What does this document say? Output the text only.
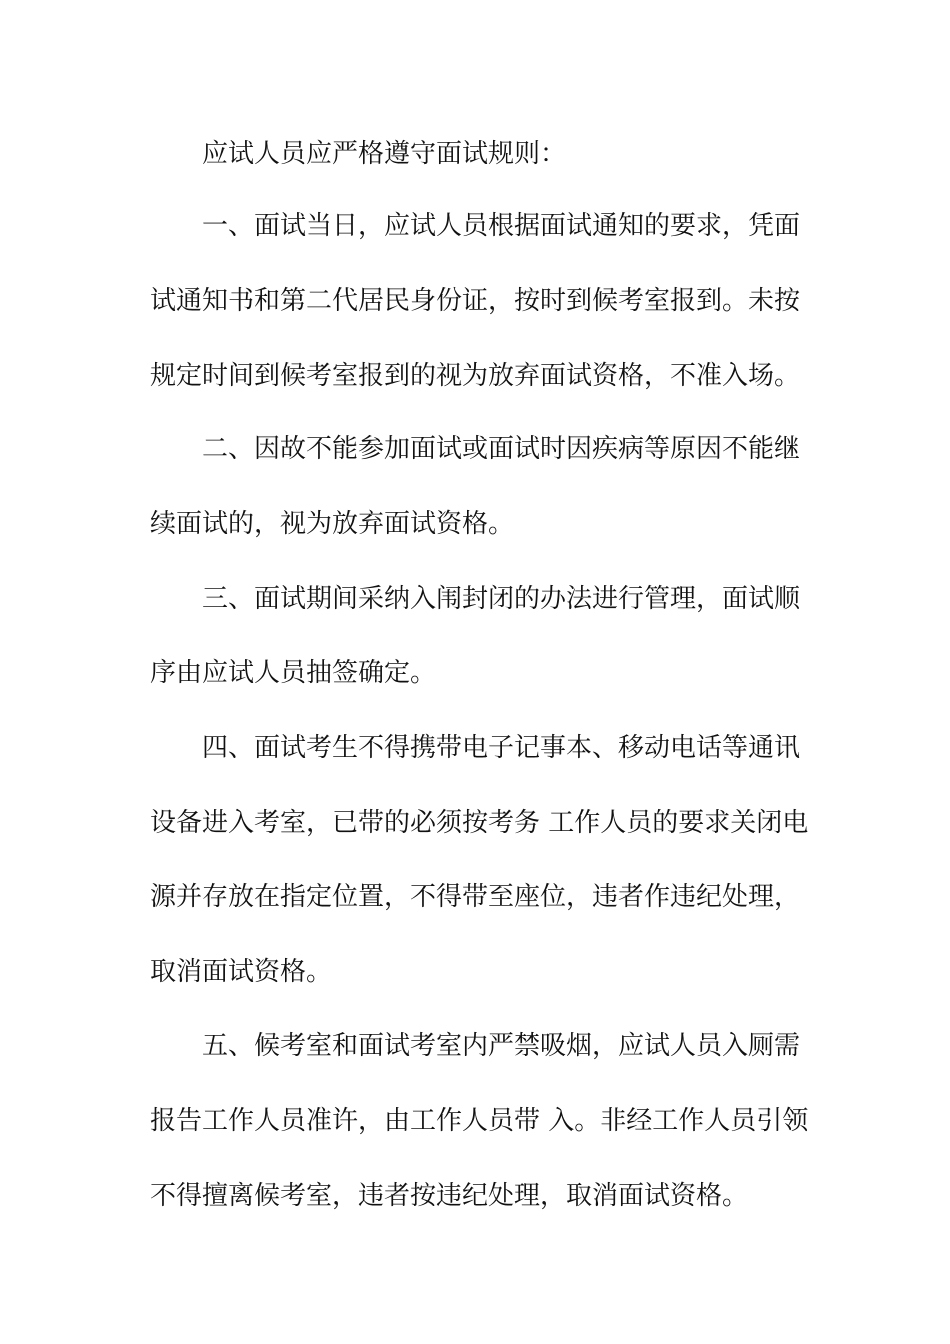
应试人员应严格遵守面试规则：
一、面试当日，应试人员根据面试通知的要求，凭面
试通知书和第二代居民身份证，按时到候考室报到。未按
规定时间到候考室报到的视为放弃面试资格，不准入场。
二、因故不能参加面试或面试时因疾病等原因不能继
续面试的，视为放弃面试资格。
三、面试期间采纳入闱封闭的办法进行管理，面试顺
序由应试人员抽签确定。
四、面试考生不得携带电子记事本、移动电话等通讯
设备进入考室，已带的必须按考务 工作人员的要求关闭电
源并存放在指定位置，不得带至座位，违者作违纪处理，
取消面试资格。
五、候考室和面试考室内严禁吸烟，应试人员入厕需
报告工作人员准许，由工作人员带 入。非经工作人员引领
不得擅离候考室，违者按违纪处理，取消面试资格。
